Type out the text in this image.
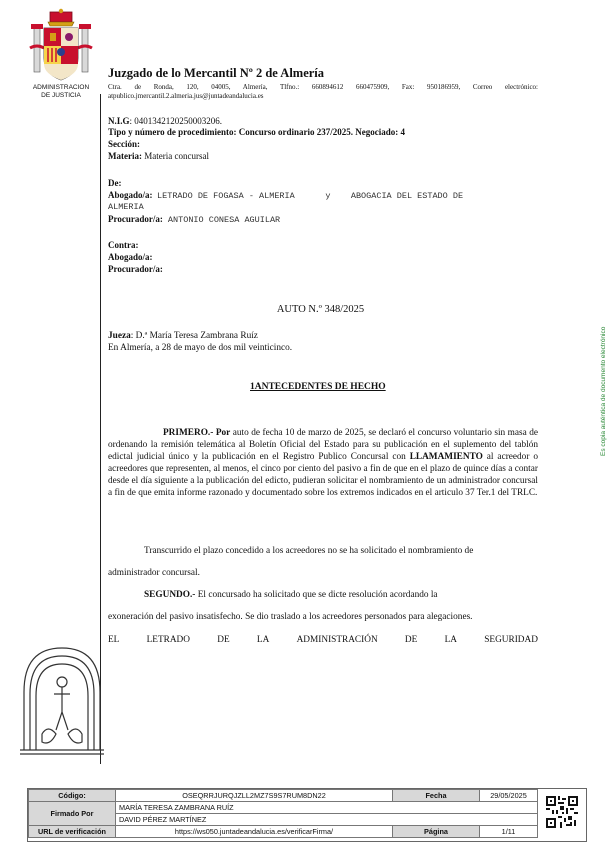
ADMINISTRACION
DE JUSTICIA
Juzgado de lo Mercantil Nº 2 de Almería
Ctra. de Ronda, 120, 04005, Almería, Tlfno.: 660894612 660475909, Fax: 950186959, Correo electrónico: atpublico.jmercantil.2.almeria.jus@juntadeandalucia.es
N.I.G: 0401342120250003206.
Tipo y número de procedimiento: Concurso ordinario 237/2025. Negociado: 4
Sección:
Materia: Materia concursal
De:
Abogado/a: LETRADO DE FOGASA - ALMERIA      y    ABOGACIA DEL ESTADO DE
ALMERIA
Procurador/a: ANTONIO CONESA AGUILAR
Contra:
Abogado/a:
Procurador/a:
AUTO N.º 348/2025
Jueza: D.ª María Teresa Zambrana Ruíz
En Almería, a 28 de mayo de dos mil veinticinco.
1ANTECEDENTES DE HECHO
PRIMERO.- Por auto de fecha 10 de marzo de 2025, se declaró el concurso voluntario sin masa de ordenando la remisión telemática al Boletín Oficial del Estado para su publicación en el suplemento del tablón edictal judicial único y la publicación en el Registro Publico Concursal con LLAMAMIENTO al acreedor o acreedores que representen, al menos, el cinco por ciento del pasivo a fin de que en el plazo de quince días a contar desde el día siguiente a la publicación del edicto, pudieran solicitar el nombramiento de un administrador concursal a fin de que emita informe razonado y documentado sobre los extremos indicados en el articulo 37 Ter.1 del TRLC.
Transcurrido el plazo concedido a los acreedores no se ha solicitado el nombramiento de
administrador concursal.
SEGUNDO.- El concursado ha solicitado que se dicte resolución acordando la
exoneración del pasivo insatisfecho. Se dio traslado a los acreedores personados para alegaciones.
EL	LETRADO	DE	LA	ADMINISTRACIÓN	DE	LA	SEGURIDAD
Es copia auténtica de documento electrónico
Código:	OSEQRRJURQJZLL2MZ7S9S7RUM8DN22	Fecha	29/05/2025
Firmado Por	MARÍA TERESA ZAMBRANA RUÍZ		
	DAVID PÉREZ MARTÍNEZ		
URL de verificación	https://ws050.juntadeandalucia.es/verificarFirma/	Página	1/11
